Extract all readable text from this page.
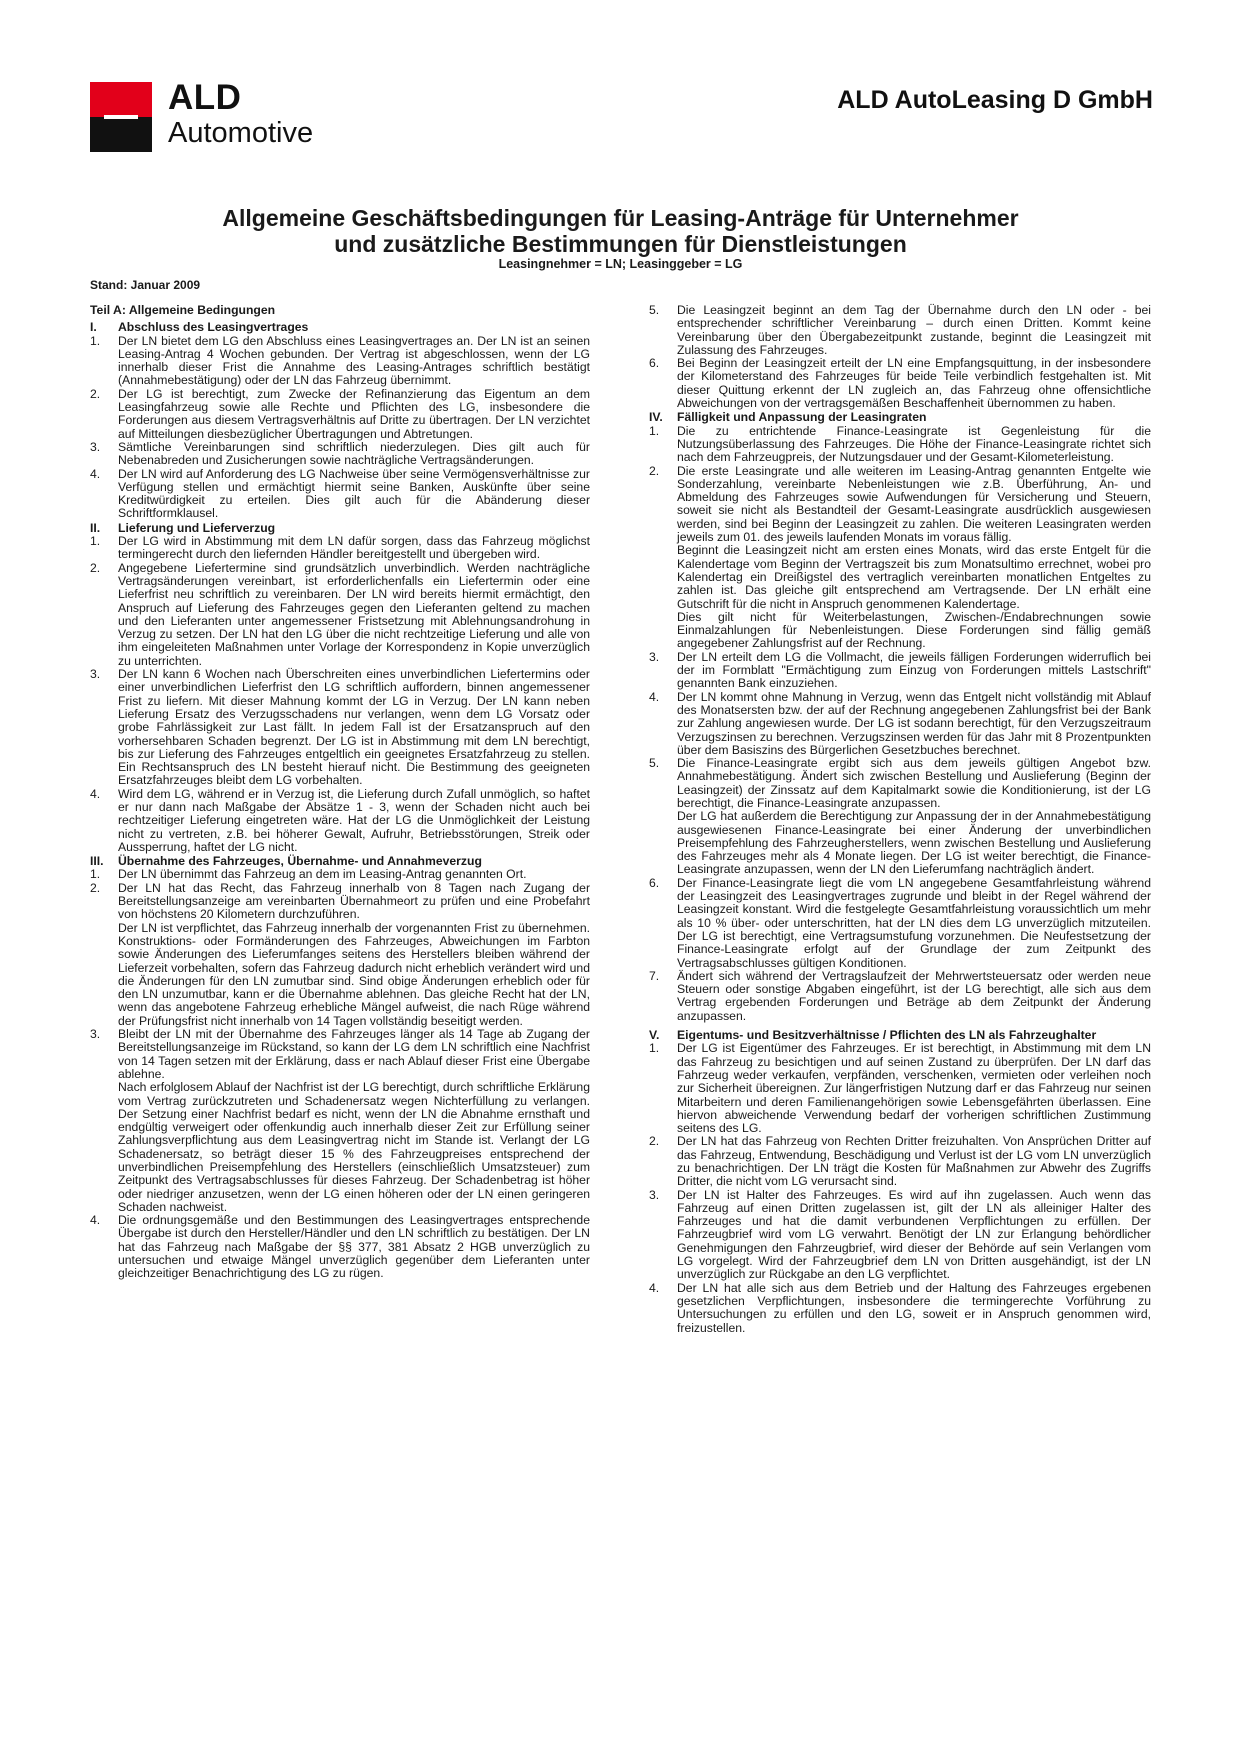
ALD
Automotive
ALD AutoLeasing D GmbH
Allgemeine Geschäftsbedingungen für Leasing-Anträge für Unternehmer
und zusätzliche Bestimmungen für Dienstleistungen
Leasingnehmer = LN; Leasinggeber = LG
Stand: Januar 2009
Teil A: Allgemeine Bedingungen
I.	Abschluss des Leasingvertrages
1.	Der LN bietet dem LG den Abschluss eines Leasingvertrages an. Der LN ist an seinen Leasing-Antrag 4 Wochen gebunden. Der Vertrag ist abgeschlossen, wenn der LG innerhalb dieser Frist die Annahme des Leasing-Antrages schriftlich bestätigt (Annahmebestätigung) oder der LN das Fahrzeug übernimmt.

2.	Der LG ist berechtigt, zum Zwecke der Refinanzierung das Eigentum an dem Leasingfahrzeug sowie alle Rechte und Pflichten des LG, insbesondere die Forderungen aus diesem Vertragsverhältnis auf Dritte zu übertragen. Der LN verzichtet auf Mitteilungen diesbezüglicher Übertragungen und Abtretungen.

3.	Sämtliche Vereinbarungen sind schriftlich niederzulegen. Dies gilt auch für Nebenabreden und Zusicherungen sowie nachträgliche Vertragsänderungen.

4.	Der LN wird auf Anforderung des LG Nachweise über seine Vermögensverhältnisse zur Verfügung stellen und ermächtigt hiermit seine Banken, Auskünfte über seine Kreditwürdigkeit zu erteilen. Dies gilt auch für die Abänderung dieser Schriftformklausel.

II.	Lieferung und Lieferverzug
1.	Der LG wird in Abstimmung mit dem LN dafür sorgen, dass das Fahrzeug möglichst termingerecht durch den liefernden Händler bereitgestellt und übergeben wird.

2.	Angegebene Liefertermine sind grundsätzlich unverbindlich. Werden nachträgliche Vertragsänderungen vereinbart, ist erforderlichenfalls ein Liefertermin oder eine Lieferfrist neu schriftlich zu vereinbaren. Der LN wird bereits hiermit ermächtigt, den Anspruch auf Lieferung des Fahrzeuges gegen den Lieferanten geltend zu machen und den Lieferanten unter angemessener Fristsetzung mit Ablehnungsandrohung in Verzug zu setzen. Der LN hat den LG über die nicht rechtzeitige Lieferung und alle von ihm eingeleiteten Maßnahmen unter Vorlage der Korrespondenz in Kopie unverzüglich zu unterrichten.

3.	Der LN kann 6 Wochen nach Überschreiten eines unverbindlichen Liefertermins oder einer unverbindlichen Lieferfrist den LG schriftlich auffordern, binnen angemessener Frist zu liefern. Mit dieser Mahnung kommt der LG in Verzug. Der LN kann neben Lieferung Ersatz des Verzugsschadens nur verlangen, wenn dem LG Vorsatz oder grobe Fahrlässigkeit zur Last fällt. In jedem Fall ist der Ersatzanspruch auf den vorhersehbaren Schaden begrenzt. Der LG ist in Abstimmung mit dem LN berechtigt, bis zur Lieferung des Fahrzeuges entgeltlich ein geeignetes Ersatzfahrzeug zu stellen. Ein Rechtsanspruch des LN besteht hierauf nicht. Die Bestimmung des geeigneten Ersatzfahrzeuges bleibt dem LG vorbehalten.

4.	Wird dem LG, während er in Verzug ist, die Lieferung durch Zufall unmöglich, so haftet er nur dann nach Maßgabe der Absätze 1 - 3, wenn der Schaden nicht auch bei rechtzeitiger Lieferung eingetreten wäre. Hat der LG die Unmöglichkeit der Leistung nicht zu vertreten, z.B. bei höherer Gewalt, Aufruhr, Betriebsstörungen, Streik oder Aussperrung, haftet der LG nicht.

III.	Übernahme des Fahrzeuges, Übernahme- und Annahmeverzug
1.	Der LN übernimmt das Fahrzeug an dem im Leasing-Antrag genannten Ort.

2.	Der LN hat das Recht, das Fahrzeug innerhalb von 8 Tagen nach Zugang der Bereitstellungsanzeige am vereinbarten Übernahmeort zu prüfen und eine Probefahrt von höchstens 20 Kilometern durchzuführen.

Der LN ist verpflichtet, das Fahrzeug innerhalb der vorgenannten Frist zu übernehmen. Konstruktions- oder Formänderungen des Fahrzeuges, Abweichungen im Farbton sowie Änderungen des Lieferumfanges seitens des Herstellers bleiben während der Lieferzeit vorbehalten, sofern das Fahrzeug dadurch nicht erheblich verändert wird und die Änderungen für den LN zumutbar sind. Sind obige Änderungen erheblich oder für den LN unzumutbar, kann er die Übernahme ablehnen. Das gleiche Recht hat der LN, wenn das angebotene Fahrzeug erhebliche Mängel aufweist, die nach Rüge während der Prüfungsfrist nicht innerhalb von 14 Tagen vollständig beseitigt werden.

3.	Bleibt der LN mit der Übernahme des Fahrzeuges länger als 14 Tage ab Zugang der Bereitstellungsanzeige im Rückstand, so kann der LG dem LN schriftlich eine Nachfrist von 14 Tagen setzen mit der Erklärung, dass er nach Ablauf dieser Frist eine Übergabe ablehne.

Nach erfolglosem Ablauf der Nachfrist ist der LG berechtigt, durch schriftliche Erklärung vom Vertrag zurückzutreten und Schadenersatz wegen Nichterfüllung zu verlangen. Der Setzung einer Nachfrist bedarf es nicht, wenn der LN die Abnahme ernsthaft und endgültig verweigert oder offenkundig auch innerhalb dieser Zeit zur Erfüllung seiner Zahlungsverpflichtung aus dem Leasingvertrag nicht im Stande ist. Verlangt der LG Schadenersatz, so beträgt dieser 15 % des Fahrzeugpreises entsprechend der unverbindlichen Preisempfehlung des Herstellers (einschließlich Umsatzsteuer) zum Zeitpunkt des Vertragsabschlusses für dieses Fahrzeug. Der Schadenbetrag ist höher oder niedriger anzusetzen, wenn der LG einen höheren oder der LN einen geringeren Schaden nachweist.

4.	Die ordnungsgemäße und den Bestimmungen des Leasingvertrages entsprechende Übergabe ist durch den Hersteller/Händler und den LN schriftlich zu bestätigen. Der LN hat das Fahrzeug nach Maßgabe der §§ 377, 381 Absatz 2 HGB unverzüglich zu untersuchen und etwaige Mängel unverzüglich gegenüber dem Lieferanten unter gleichzeitiger Benachrichtigung des LG zu rügen.

5.	Die Leasingzeit beginnt an dem Tag der Übernahme durch den LN oder - bei entsprechender schriftlicher Vereinbarung – durch einen Dritten. Kommt keine Vereinbarung über den Übergabezeitpunkt zustande, beginnt die Leasingzeit mit Zulassung des Fahrzeuges.

6.	Bei Beginn der Leasingzeit erteilt der LN eine Empfangsquittung, in der insbesondere der Kilometerstand des Fahrzeuges für beide Teile verbindlich festgehalten ist. Mit dieser Quittung erkennt der LN zugleich an, das Fahrzeug ohne offensichtliche Abweichungen von der vertragsgemäßen Beschaffenheit übernommen zu haben.

IV.	Fälligkeit und Anpassung der Leasingraten
1.	Die zu entrichtende Finance-Leasingrate ist Gegenleistung für die Nutzungsüberlassung des Fahrzeuges. Die Höhe der Finance-Leasingrate richtet sich nach dem Fahrzeugpreis, der Nutzungsdauer und der Gesamt-Kilometerleistung.

2.	Die erste Leasingrate und alle weiteren im Leasing-Antrag genannten Entgelte wie Sonderzahlung, vereinbarte Nebenleistungen wie z.B. Überführung, An- und Abmeldung des Fahrzeuges sowie Aufwendungen für Versicherung und Steuern, soweit sie nicht als Bestandteil der Gesamt-Leasingrate ausdrücklich ausgewiesen werden, sind bei Beginn der Leasingzeit zu zahlen. Die weiteren Leasingraten werden jeweils zum 01. des jeweils laufenden Monats im voraus fällig.

Beginnt die Leasingzeit nicht am ersten eines Monats, wird das erste Entgelt für die Kalendertage vom Beginn der Vertragszeit bis zum Monatsultimo errechnet, wobei pro Kalendertag ein Dreißigstel des vertraglich vereinbarten monatlichen Entgeltes zu zahlen ist. Das gleiche gilt entsprechend am Vertragsende. Der LN erhält eine Gutschrift für die nicht in Anspruch genommenen Kalendertage.

Dies gilt nicht für Weiterbelastungen, Zwischen-/Endabrechnungen sowie Einmalzahlungen für Nebenleistungen. Diese Forderungen sind fällig gemäß angegebener Zahlungsfrist auf der Rechnung.

3.	Der LN erteilt dem LG die Vollmacht, die jeweils fälligen Forderungen widerruflich bei der im Formblatt "Ermächtigung zum Einzug von Forderungen mittels Lastschrift" genannten Bank einzuziehen.

4.	Der LN kommt ohne Mahnung in Verzug, wenn das Entgelt nicht vollständig mit Ablauf des Monatsersten bzw. der auf der Rechnung angegebenen Zahlungsfrist bei der Bank zur Zahlung angewiesen wurde. Der LG ist sodann berechtigt, für den Verzugszeitraum Verzugszinsen zu berechnen. Verzugszinsen werden für das Jahr mit 8 Prozentpunkten über dem Basiszins des Bürgerlichen Gesetzbuches berechnet.

5.	Die Finance-Leasingrate ergibt sich aus dem jeweils gültigen Angebot bzw. Annahmebestätigung. Ändert sich zwischen Bestellung und Auslieferung (Beginn der Leasingzeit) der Zinssatz auf dem Kapitalmarkt sowie die Konditionierung, ist der LG berechtigt, die Finance-Leasingrate anzupassen.

Der LG hat außerdem die Berechtigung zur Anpassung der in der Annahmebestätigung ausgewiesenen Finance-Leasingrate bei einer Änderung der unverbindlichen Preisempfehlung des Fahrzeugherstellers, wenn zwischen Bestellung und Auslieferung des Fahrzeuges mehr als 4 Monate liegen. Der LG ist weiter berechtigt, die Finance-Leasingrate anzupassen, wenn der LN den Lieferumfang nachträglich ändert.

6.	Der Finance-Leasingrate liegt die vom LN angegebene Gesamtfahrleistung während der Leasingzeit des Leasingvertrages zugrunde und bleibt in der Regel während der Leasingzeit konstant. Wird die festgelegte Gesamtfahrleistung voraussichtlich um mehr als 10 % über- oder unterschritten, hat der LN dies dem LG unverzüglich mitzuteilen. Der LG ist berechtigt, eine Vertragsumstufung vorzunehmen. Die Neufestsetzung der Finance-Leasingrate erfolgt auf der Grundlage der zum Zeitpunkt des Vertragsabschlusses gültigen Konditionen.

7.	Ändert sich während der Vertragslaufzeit der Mehrwertsteuersatz oder werden neue Steuern oder sonstige Abgaben eingeführt, ist der LG berechtigt, alle sich aus dem Vertrag ergebenden Forderungen und Beträge ab dem Zeitpunkt der Änderung anzupassen.

V.	Eigentums- und Besitzverhältnisse / Pflichten des LN als Fahrzeughalter
1.	Der LG ist Eigentümer des Fahrzeuges. Er ist berechtigt, in Abstimmung mit dem LN das Fahrzeug zu besichtigen und auf seinen Zustand zu überprüfen. Der LN darf das Fahrzeug weder verkaufen, verpfänden, verschenken, vermieten oder verleihen noch zur Sicherheit übereignen. Zur längerfristigen Nutzung darf er das Fahrzeug nur seinen Mitarbeitern und deren Familienangehörigen sowie Lebensgefährten überlassen. Eine hiervon abweichende Verwendung bedarf der vorherigen schriftlichen Zustimmung seitens des LG.

2.	Der LN hat das Fahrzeug von Rechten Dritter freizuhalten. Von Ansprüchen Dritter auf das Fahrzeug, Entwendung, Beschädigung und Verlust ist der LG vom LN unverzüglich zu benachrichtigen. Der LN trägt die Kosten für Maßnahmen zur Abwehr des Zugriffs Dritter, die nicht vom LG verursacht sind.

3.	Der LN ist Halter des Fahrzeuges. Es wird auf ihn zugelassen. Auch wenn das Fahrzeug auf einen Dritten zugelassen ist, gilt der LN als alleiniger Halter des Fahrzeuges und hat die damit verbundenen Verpflichtungen zu erfüllen. Der Fahrzeugbrief wird vom LG verwahrt. Benötigt der LN zur Erlangung behördlicher Genehmigungen den Fahrzeugbrief, wird dieser der Behörde auf sein Verlangen vom LG vorgelegt. Wird der Fahrzeugbrief dem LN von Dritten ausgehändigt, ist der LN unverzüglich zur Rückgabe an den LG verpflichtet.

4.	Der LN hat alle sich aus dem Betrieb und der Haltung des Fahrzeuges ergebenen gesetzlichen Verpflichtungen, insbesondere die termingerechte Vorführung zu Untersuchungen zu erfüllen und den LG, soweit er in Anspruch genommen wird, freizustellen.
